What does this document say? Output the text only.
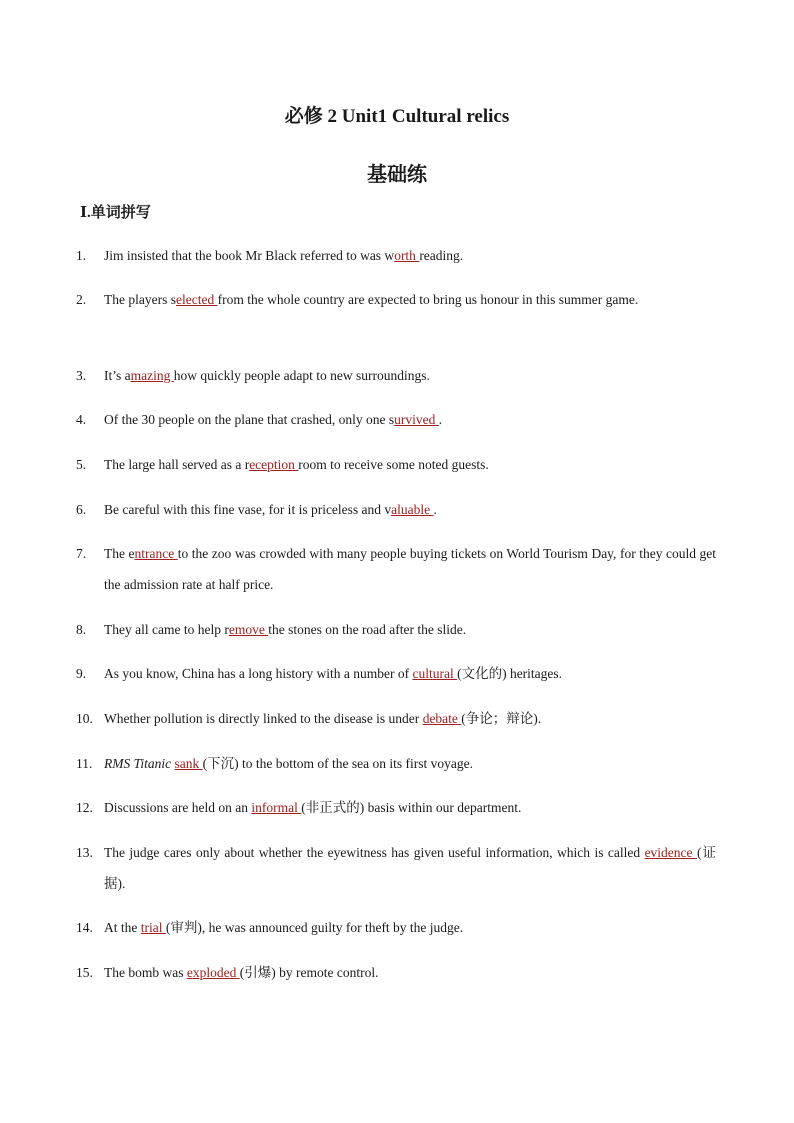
必修 2 Unit1 Cultural relics
基础练
Ⅰ.单词拼写
1. Jim insisted that the book Mr Black referred to was worth reading.
2. The players selected from the whole country are expected to bring us honour in this summer game.
3. It’s amazing how quickly people adapt to new surroundings.
4. Of the 30 people on the plane that crashed, only one survived .
5. The large hall served as a reception room to receive some noted guests.
6. Be careful with this fine vase, for it is priceless and valuable .
7. The entrance to the zoo was crowded with many people buying tickets on World Tourism Day, for they could get the admission rate at half price.
8. They all came to help remove the stones on the road after the slide.
9. As you know, China has a long history with a number of cultural (文化的) heritages.
10. Whether pollution is directly linked to the disease is under debate (争论；辩论).
11. RMS Titanic sank (下沉) to the bottom of the sea on its first voyage.
12. Discussions are held on an informal (非正式的) basis within our department.
13. The judge cares only about whether the eyewitness has given useful information, which is called evidence (证据).
14. At the trial (审判), he was announced guilty for theft by the judge.
15. The bomb was exploded (引爆) by remote control.
